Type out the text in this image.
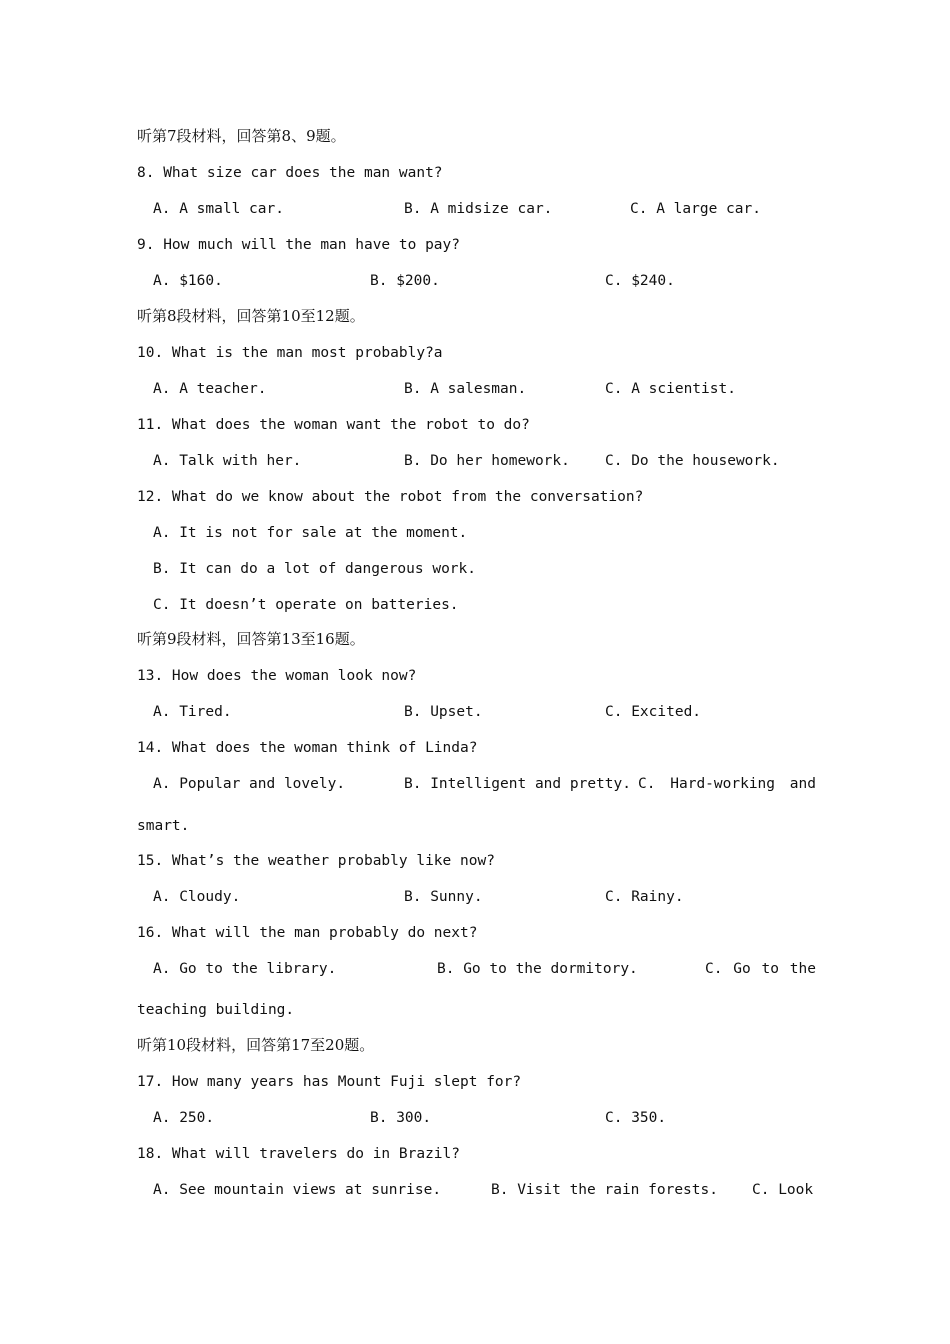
听第7段材料，回答第8、9题。
8. What size car does the man want?
A. A small car.	B. A midsize car.	C. A large car.
9. How much will the man have to pay?
A. $160.	B. $200.	C. $240.
听第8段材料，回答第10至12题。
10. What is the man most probably?a
A. A teacher.	B. A salesman.	C. A scientist.
11. What does the woman want the robot to do?
A. Talk with her.	B. Do her homework. C. Do the housework.
12. What do we know about the robot from the conversation?
A. It is not for sale at the moment.
B. It can do a lot of dangerous work.
C. It doesn’t operate on batteries.
听第9段材料，回答第13至16题。
13. How does the woman look now?
A. Tired.	B. Upset.	C. Excited.
14. What does the woman think of Linda?
A. Popular and lovely.	B. Intelligent and pretty. C. Hard-working and
smart.
15. What’s the weather probably like now?
A. Cloudy.	B. Sunny.	C. Rainy.
16. What will the man probably do next?
A. Go to the library.	B. Go to the dormitory.	C. Go to the
teaching building.
听第10段材料，回答第17至20题。
17. How many years has Mount Fuji slept for?
A. 250.	B. 300.	C. 350.
18. What will travelers do in Brazil?
A. See mountain views at sunrise.	B. Visit the rain forests. C. Look
